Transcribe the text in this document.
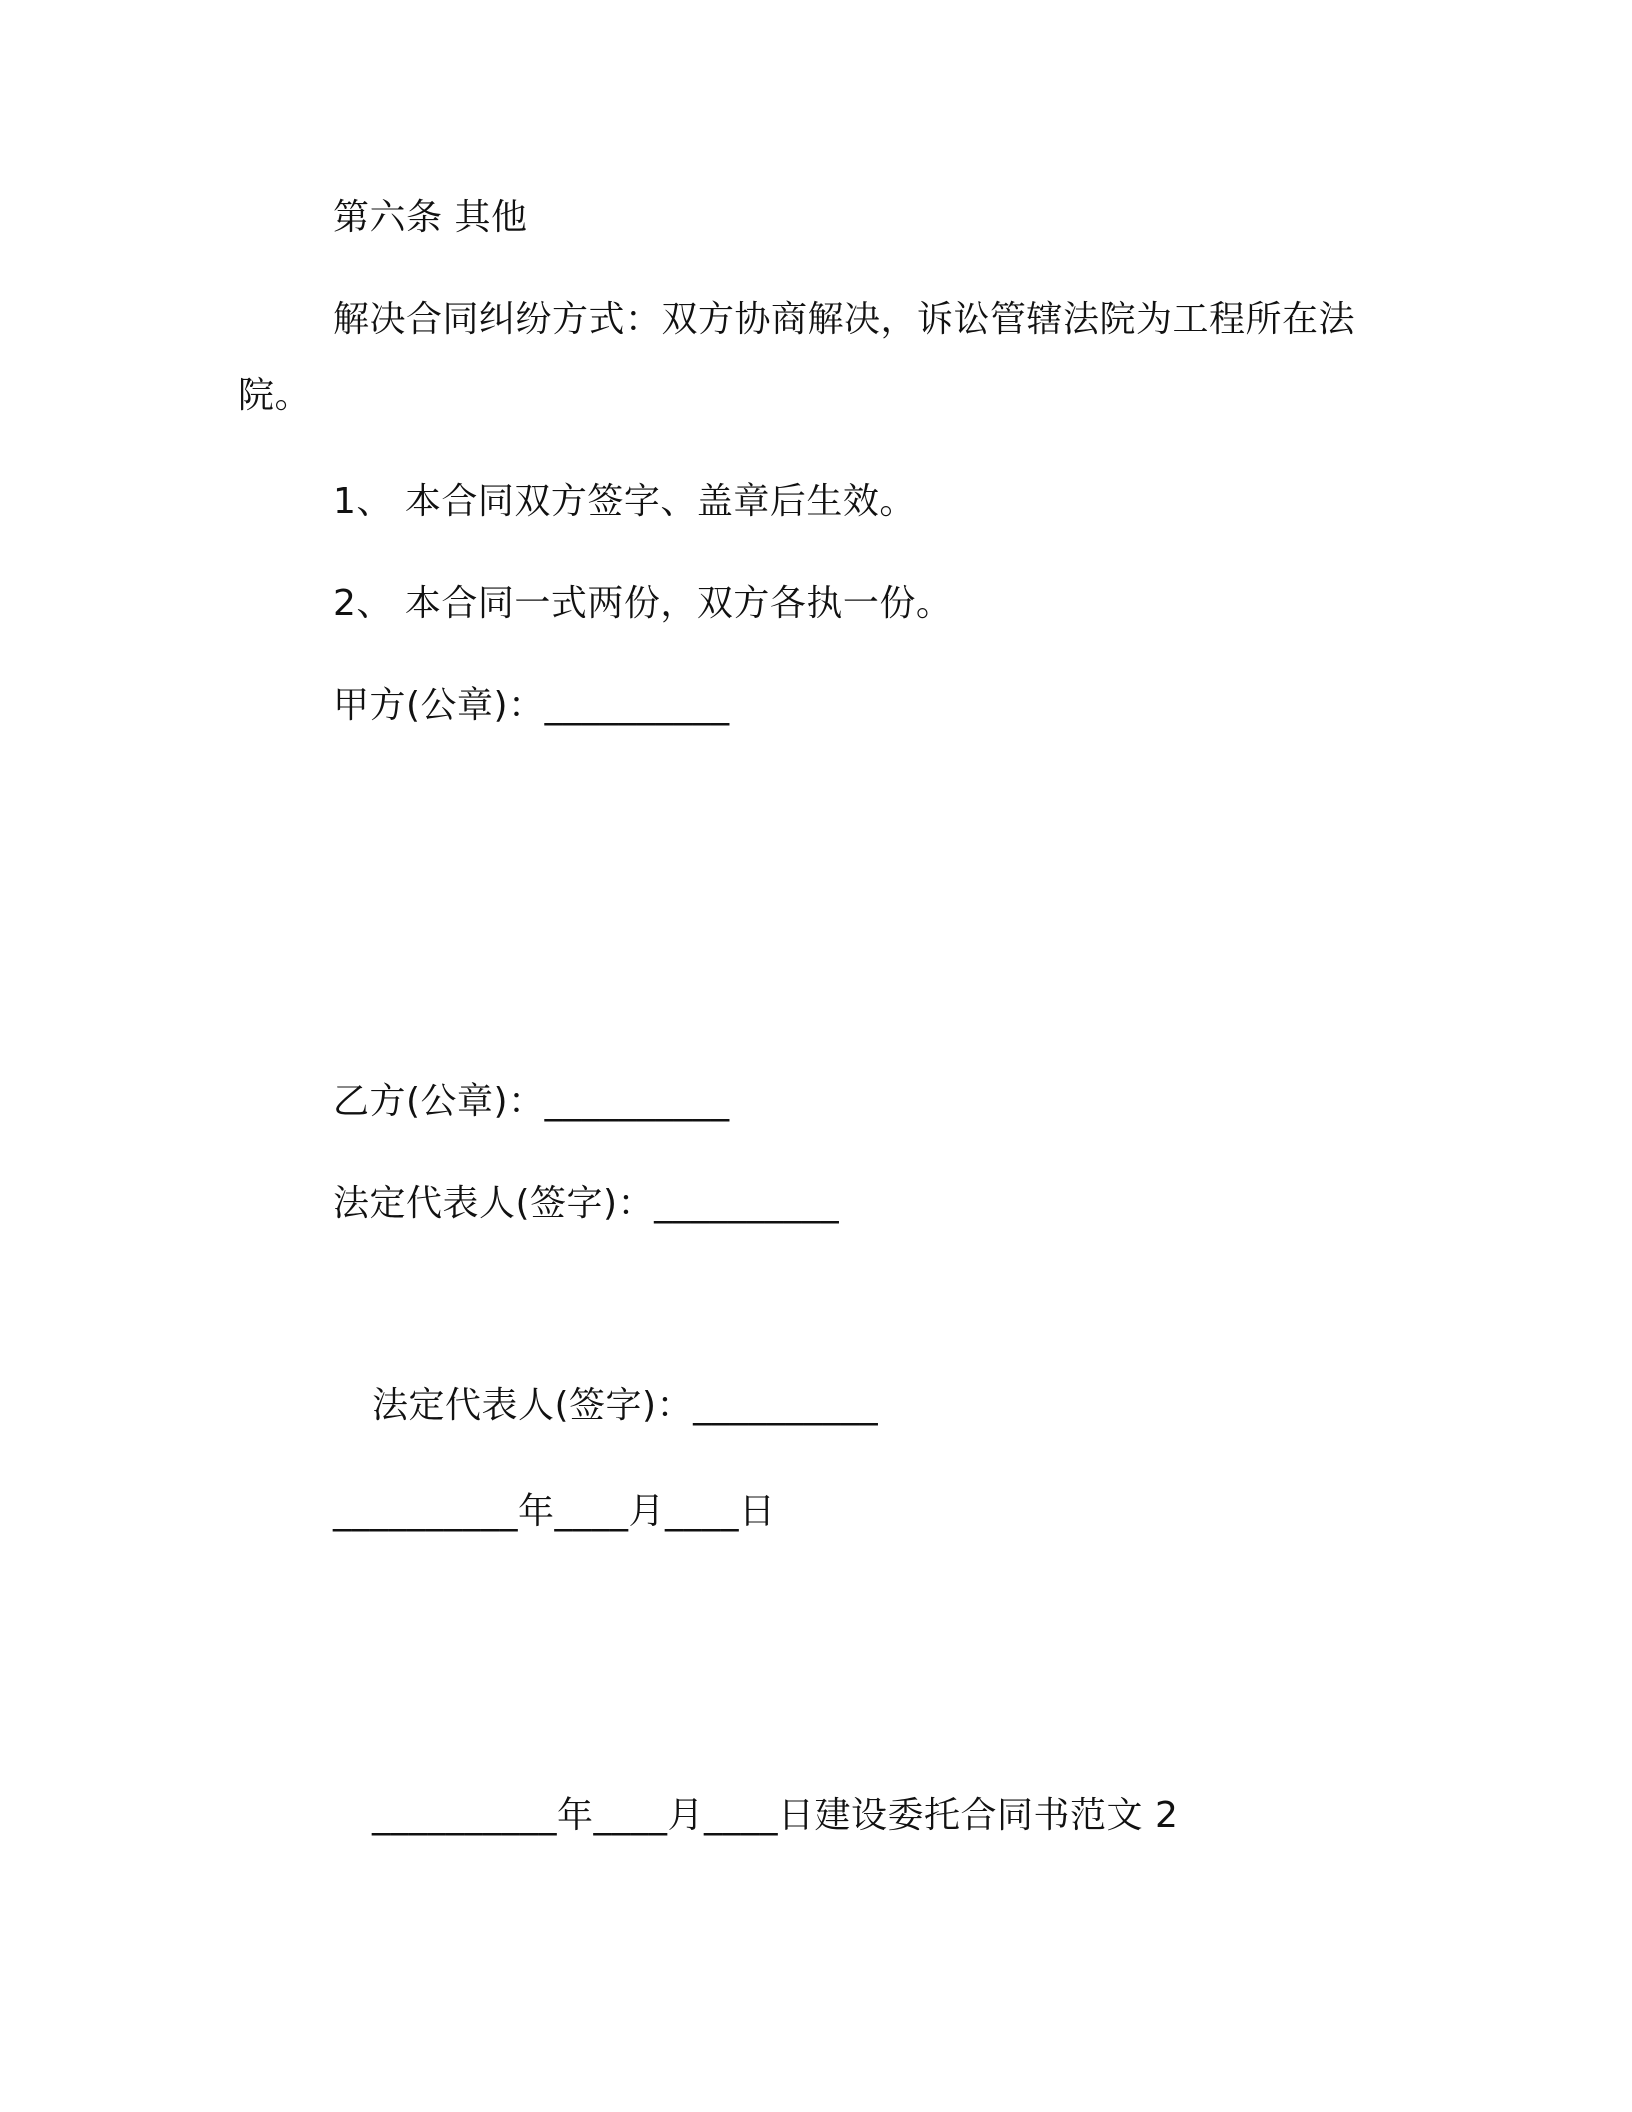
第六条 其他
解决合同纠纷方式：双方协商解决，诉讼管辖法院为工程所在法
院。
1、 本合同双方签字、盖章后生效。
2、 本合同一式两份，双方各执一份。
甲方(公章)：__________
乙方(公章)：__________
法定代表人(签字)：__________
法定代表人(签字)：__________
__________年____月____日
__________年____月____日建设委托合同书范文 2
